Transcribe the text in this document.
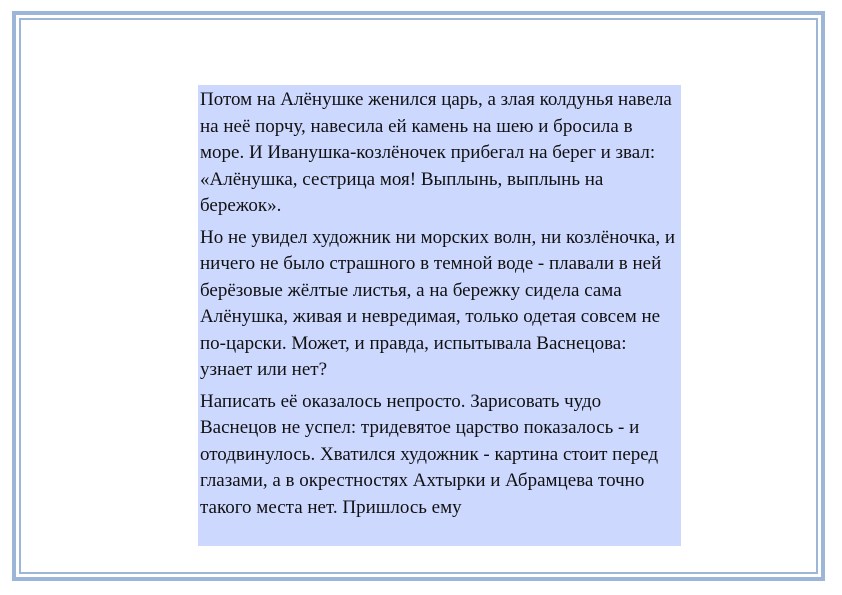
Потом на Алёнушке женился царь, а злая колдунья навела на неё порчу, навесила ей камень на шею и бросила в море. И Иванушка-козлёночек прибегал на берег и звал: «Алёнушка, сестрица моя! Выплынь, выплынь на бережок».

Но не увидел художник ни морских волн, ни козлёночка, и ничего не было страшного в темной воде - плавали в ней берёзовые жёлтые листья, а на бережку сидела сама Алёнушка, живая и невредимая, только одетая совсем не по-царски. Может, и правда, испытывала Васнецова: узнает или нет?

Написать её оказалось непросто. Зарисовать чудо Васнецов не успел: тридевятое царство показалось - и отодвинулось. Хватился художник - картина стоит перед глазами, а в окрестностях Ахтырки и Абрамцева точно такого места нет. Пришлось ему
